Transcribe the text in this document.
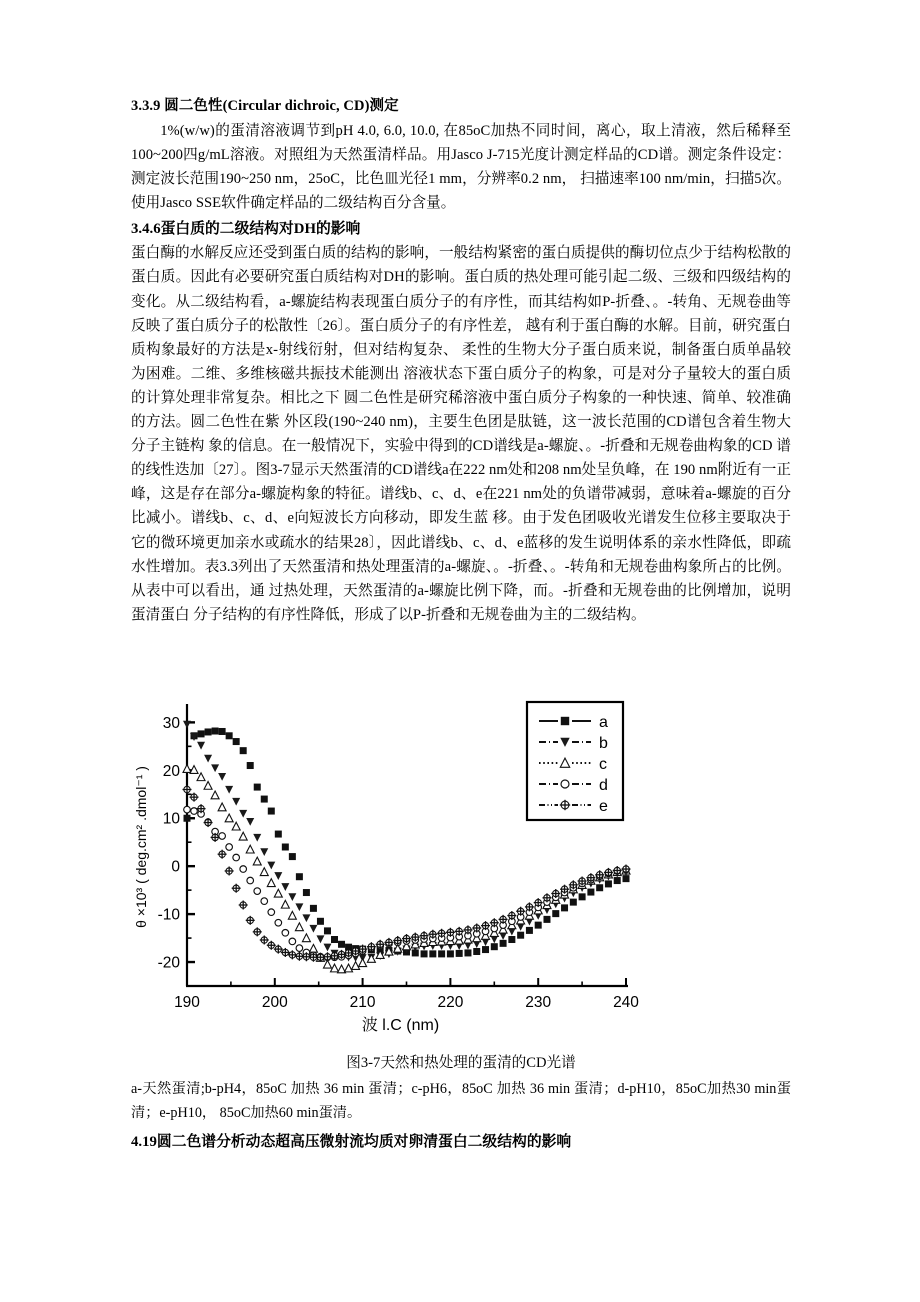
3.3.9 圆二色性(Circular dichroic, CD)测定

1%(w/w)的蛋清溶液调节到pH 4.0, 6.0, 10.0, 在85oC加热不同时间，离心，取上清液，然后稀释至100~200四g/mL溶液。对照组为天然蛋清样品。用Jasco J-715光度计测定样品的CD谱。测定条件设定：测定波长范围190~250 nm，25oC，比色皿光径1 mm，分辨率0.2 nm， 扫描速率100 nm/min，扫描5次。使用Jasco SSE软件确定样品的二级结构百分含量。

3.4.6蛋白质的二级结构对DH的影响

蛋白酶的水解反应还受到蛋白质的结构的影响，一般结构紧密的蛋白质提供的酶切位点少于结构松散的蛋白质。因此有必要研究蛋白质结构对DH的影响。蛋白质的热处理可能引起二级、三级和四级结构的变化。从二级结构看，a-螺旋结构表现蛋白质分子的有序性，而其结构如P-折叠、。-转角、无规卷曲等反映了蛋白质分子的松散性〔26〕。蛋白质分子的有序性差， 越有利于蛋白酶的水解。目前，研究蛋白质构象最好的方法是x-射线衍射，但对结构复杂、 柔性的生物大分子蛋白质来说，制备蛋白质单晶较为困难。二维、多维核磁共振技术能测出 溶液状态下蛋白质分子的构象，可是对分子量较大的蛋白质的计算处理非常复杂。相比之下 圆二色性是研究稀溶液中蛋白质分子构象的一种快速、简单、较准确的方法。圆二色性在紫 外区段(190~240 nm)，主要生色团是肽链，这一波长范围的CD谱包含着生物大分子主链构 象的信息。在一般情况下，实验中得到的CD谱线是a-螺旋、。-折叠和无规卷曲构象的CD 谱的线性迭加〔27〕。图3-7显示天然蛋清的CD谱线a在222 nm处和208 nm处呈负峰，在 190 nm附近有一正峰，这是存在部分a-螺旋构象的特征。谱线b、c、d、e在221 nm处的负谱带减弱，意味着a-螺旋的百分比减小。谱线b、c、d、e向短波长方向移动，即发生蓝 移。由于发色团吸收光谱发生位移主要取决于它的微环境更加亲水或疏水的结果28〕，因此谱线b、c、d、e蓝移的发生说明体系的亲水性降低，即疏水性增加。表3.3列出了天然蛋清和热处理蛋清的a-螺旋、。-折叠、。-转角和无规卷曲构象所占的比例。从表中可以看出，通 过热处理，天然蛋清的a-螺旋比例下降，而。-折叠和无规卷曲的比例增加，说明蛋清蛋白 分子结构的有序性降低，形成了以P-折叠和无规卷曲为主的二级结构。

190	200	210	220	230	240
30
20
10
0
-10
-20
波 l.C (nm)
θ ×10³ ( deg.cm² .dmol⁻¹ )
a
b
c
d
e

图3-7天然和热处理的蛋清的CD光谱

a-天然蛋清;b-pH4，85oC 加热 36 min 蛋清；c-pH6，85oC 加热 36 min 蛋清；d-pH10，85oC加热30 min蛋清；e-pH10， 85oC加热60 min蛋清。

4.19圆二色谱分析动态超高压微射流均质对卵清蛋白二级结构的影响
